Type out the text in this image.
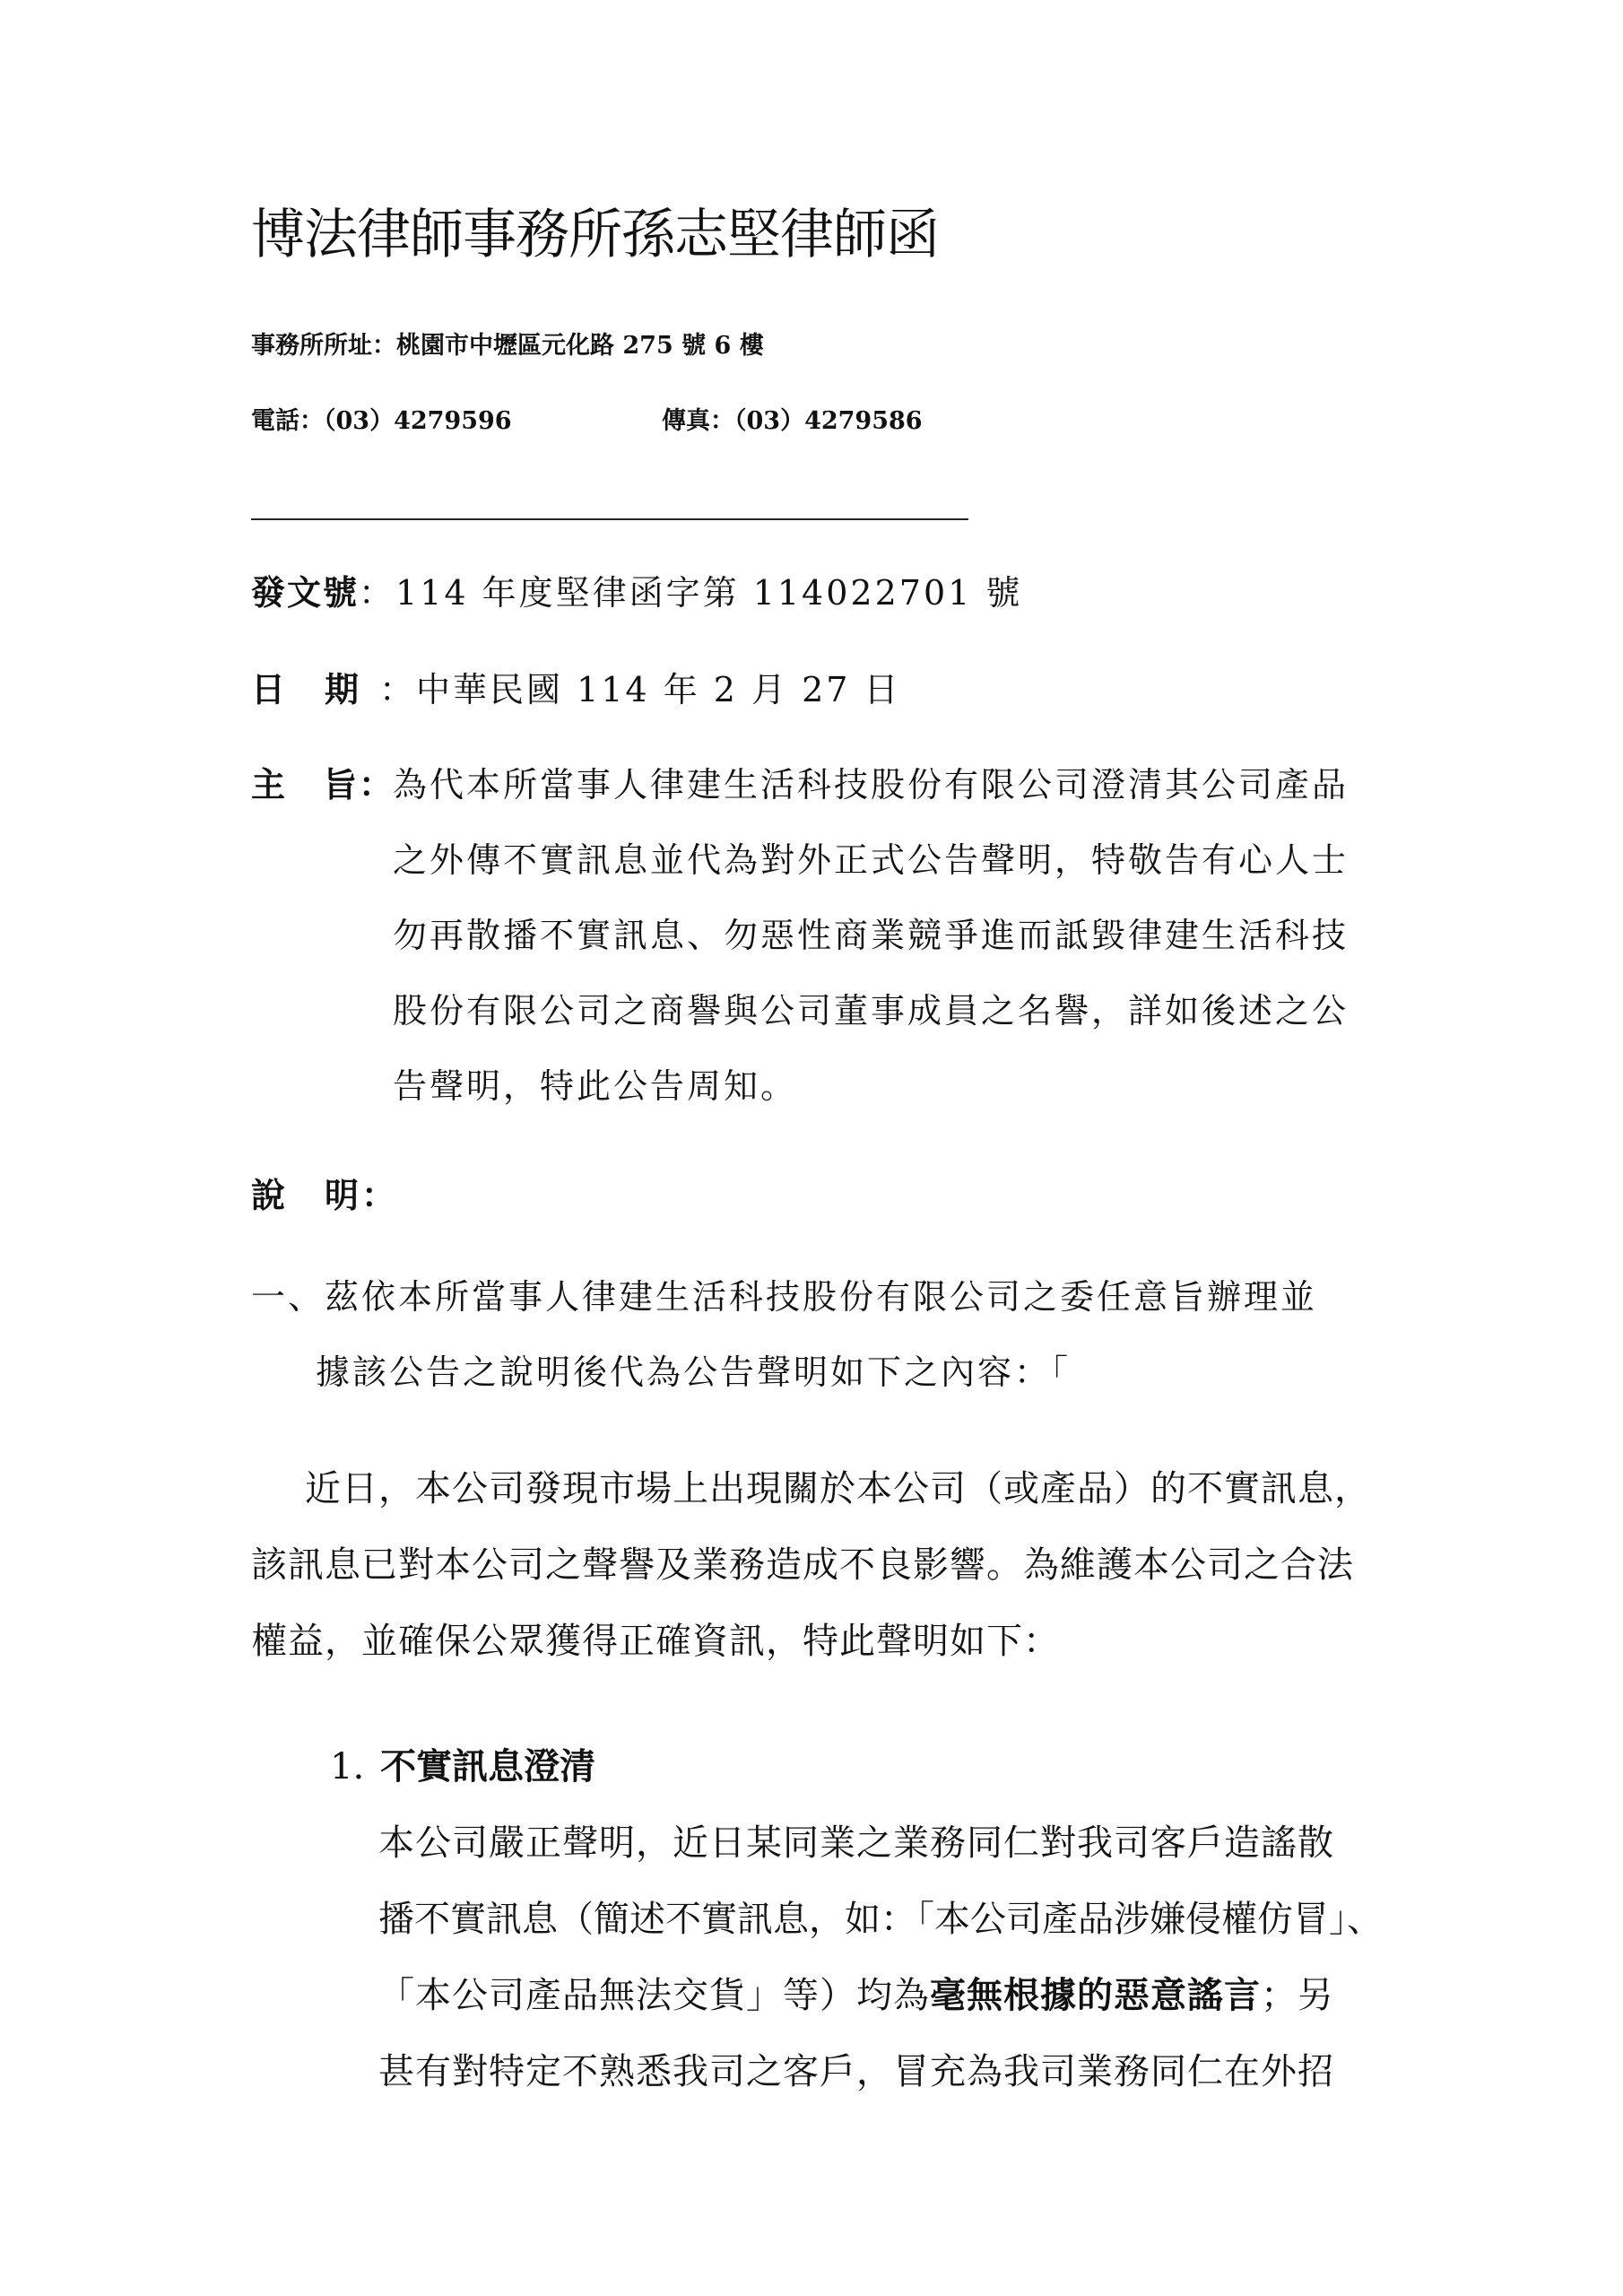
博法律師事務所孫志堅律師函
事務所所址：桃園市中壢區元化路 275 號 6 樓
電話：（03）4279596	傳真：（03）4279586
發文號：114 年度堅律函字第 114022701 號
日　期 ：中華民國 114 年 2 月 27 日
主　旨：
為代本所當事人律建生活科技股份有限公司澄清其公司產品
之外傳不實訊息並代為對外正式公告聲明，特敬告有心人士
勿再散播不實訊息、勿惡性商業競爭進而詆毀律建生活科技
股份有限公司之商譽與公司董事成員之名譽，詳如後述之公
告聲明，特此公告周知。
說　明：
一、茲依本所當事人律建生活科技股份有限公司之委任意旨辦理並
據該公告之說明後代為公告聲明如下之內容：「
近日，本公司發現市場上出現關於本公司（或產品）的不實訊息，
該訊息已對本公司之聲譽及業務造成不良影響。為維護本公司之合法
權益，並確保公眾獲得正確資訊，特此聲明如下：
1. 不實訊息澄清
本公司嚴正聲明，近日某同業之業務同仁對我司客戶造謠散
播不實訊息（簡述不實訊息，如：「本公司產品涉嫌侵權仿冒」、
「本公司產品無法交貨」等）均為毫無根據的惡意謠言；另
甚有對特定不熟悉我司之客戶，冒充為我司業務同仁在外招
